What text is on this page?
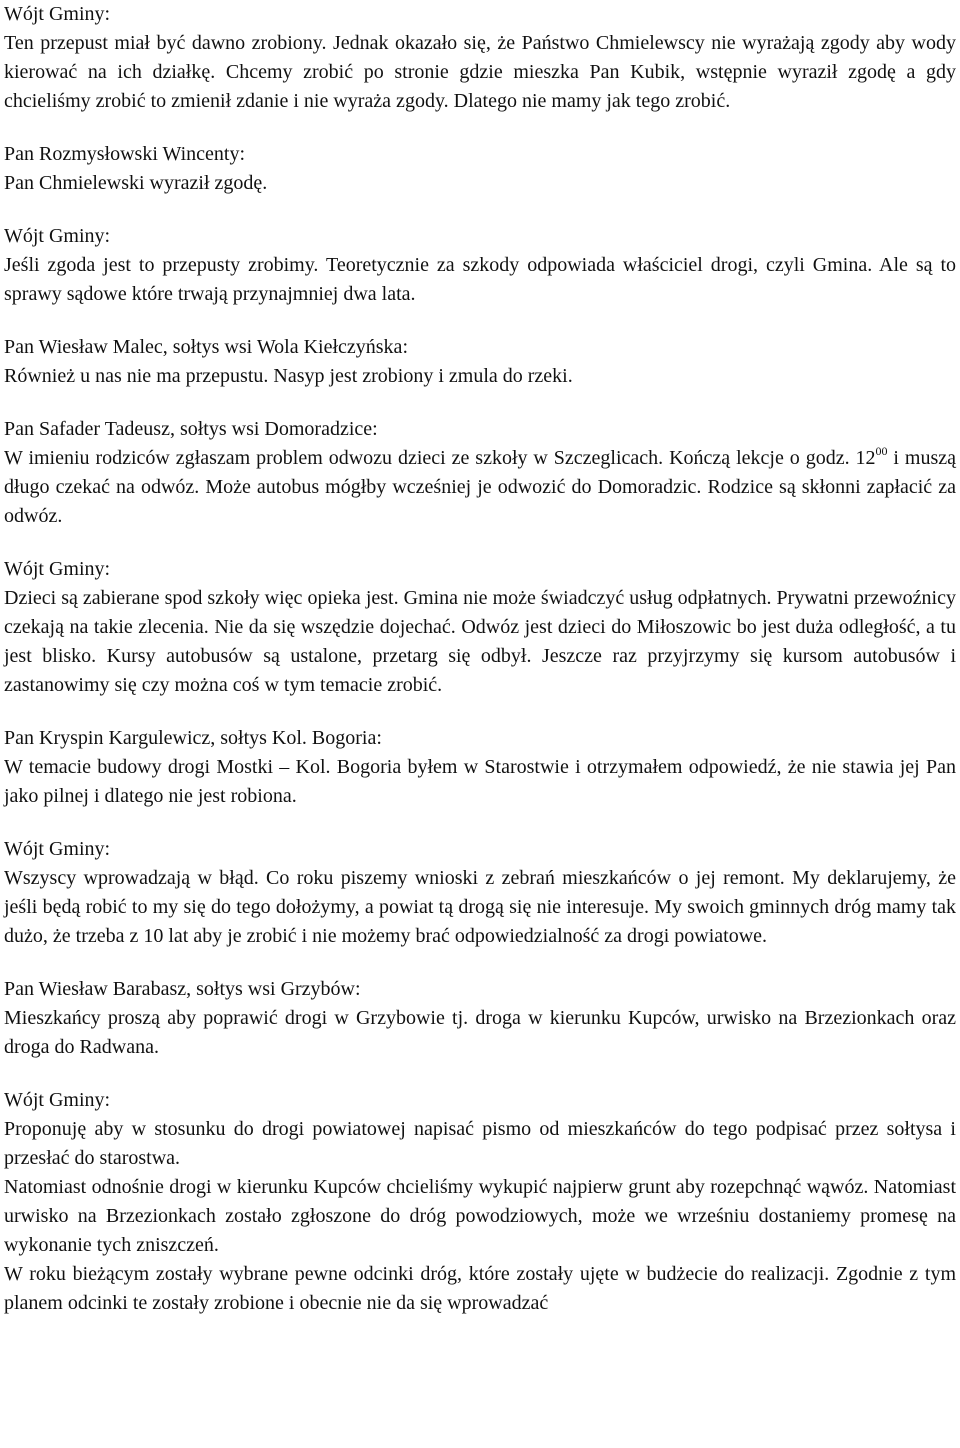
Wójt Gminy:

Ten przepust miał być dawno zrobiony. Jednak okazało się, że Państwo Chmielewscy nie wyrażają zgody aby wody kierować na ich działkę. Chcemy zrobić po stronie gdzie mieszka Pan Kubik, wstępnie wyraził zgodę a gdy chcieliśmy zrobić to zmienił zdanie i nie wyraża zgody. Dlatego nie mamy jak tego zrobić.

Pan Rozmysłowski Wincenty:

Pan Chmielewski wyraził zgodę.

Wójt Gminy:

Jeśli zgoda jest to przepusty zrobimy. Teoretycznie za szkody odpowiada właściciel drogi, czyli Gmina. Ale są to sprawy sądowe które trwają przynajmniej dwa lata.

Pan Wiesław Malec, sołtys wsi Wola Kiełczyńska:

Również u nas nie ma przepustu. Nasyp jest zrobiony i zmula do rzeki.

Pan Safader Tadeusz, sołtys wsi Domoradzice:

W imieniu rodziców zgłaszam problem odwozu dzieci ze szkoły w Szczeglicach. Kończą lekcje o godz. $12^{00}$ i muszą długo czekać na odwóz. Może autobus mógłby wcześniej je odwozić do Domoradzic. Rodzice są skłonni zapłacić za odwóz.

Wójt Gminy:

Dzieci są zabierane spod szkoły więc opieka jest. Gmina nie może świadczyć usług odpłatnych. Prywatni przewoźnicy czekają na takie zlecenia. Nie da się wszędzie dojechać. Odwóz jest dzieci do Miłoszowic bo jest duża odległość, a tu jest blisko. Kursy autobusów są ustalone, przetarg się odbył. Jeszcze raz przyjrzymy się kursom autobusów i zastanowimy się czy można coś w tym temacie zrobić.

Pan Kryspin Kargulewicz, sołtys Kol. Bogoria:

W temacie budowy drogi Mostki – Kol. Bogoria byłem w Starostwie i otrzymałem odpowiedź, że nie stawia jej Pan jako pilnej i dlatego nie jest robiona.

Wójt Gminy:

Wszyscy wprowadzają w błąd. Co roku piszemy wnioski z zebrań mieszkańców o jej remont. My deklarujemy, że jeśli będą robić to my się do tego dołożymy, a powiat tą drogą się nie interesuje. My swoich gminnych dróg mamy tak dużo, że trzeba z 10 lat aby je zrobić i nie możemy brać odpowiedzialność za drogi powiatowe.

Pan Wiesław Barabasz, sołtys wsi Grzybów:

Mieszkańcy proszą aby poprawić drogi w Grzybowie tj. droga w kierunku Kupców, urwisko na Brzezionkach oraz droga do Radwana.

Wójt Gminy:

Proponuję aby w stosunku do drogi powiatowej napisać pismo od mieszkańców do tego podpisać przez sołtysa i przesłać do starostwa.

Natomiast odnośnie drogi w kierunku Kupców chcieliśmy wykupić najpierw grunt aby rozepchnąć wąwóz. Natomiast urwisko na Brzezionkach zostało zgłoszone do dróg powodziowych, może we wrześniu dostaniemy promesę na wykonanie tych zniszczeń.

W roku bieżącym zostały wybrane pewne odcinki dróg, które zostały ujęte w budżecie do realizacji. Zgodnie z tym planem odcinki te zostały zrobione i obecnie nie da się wprowadzać
